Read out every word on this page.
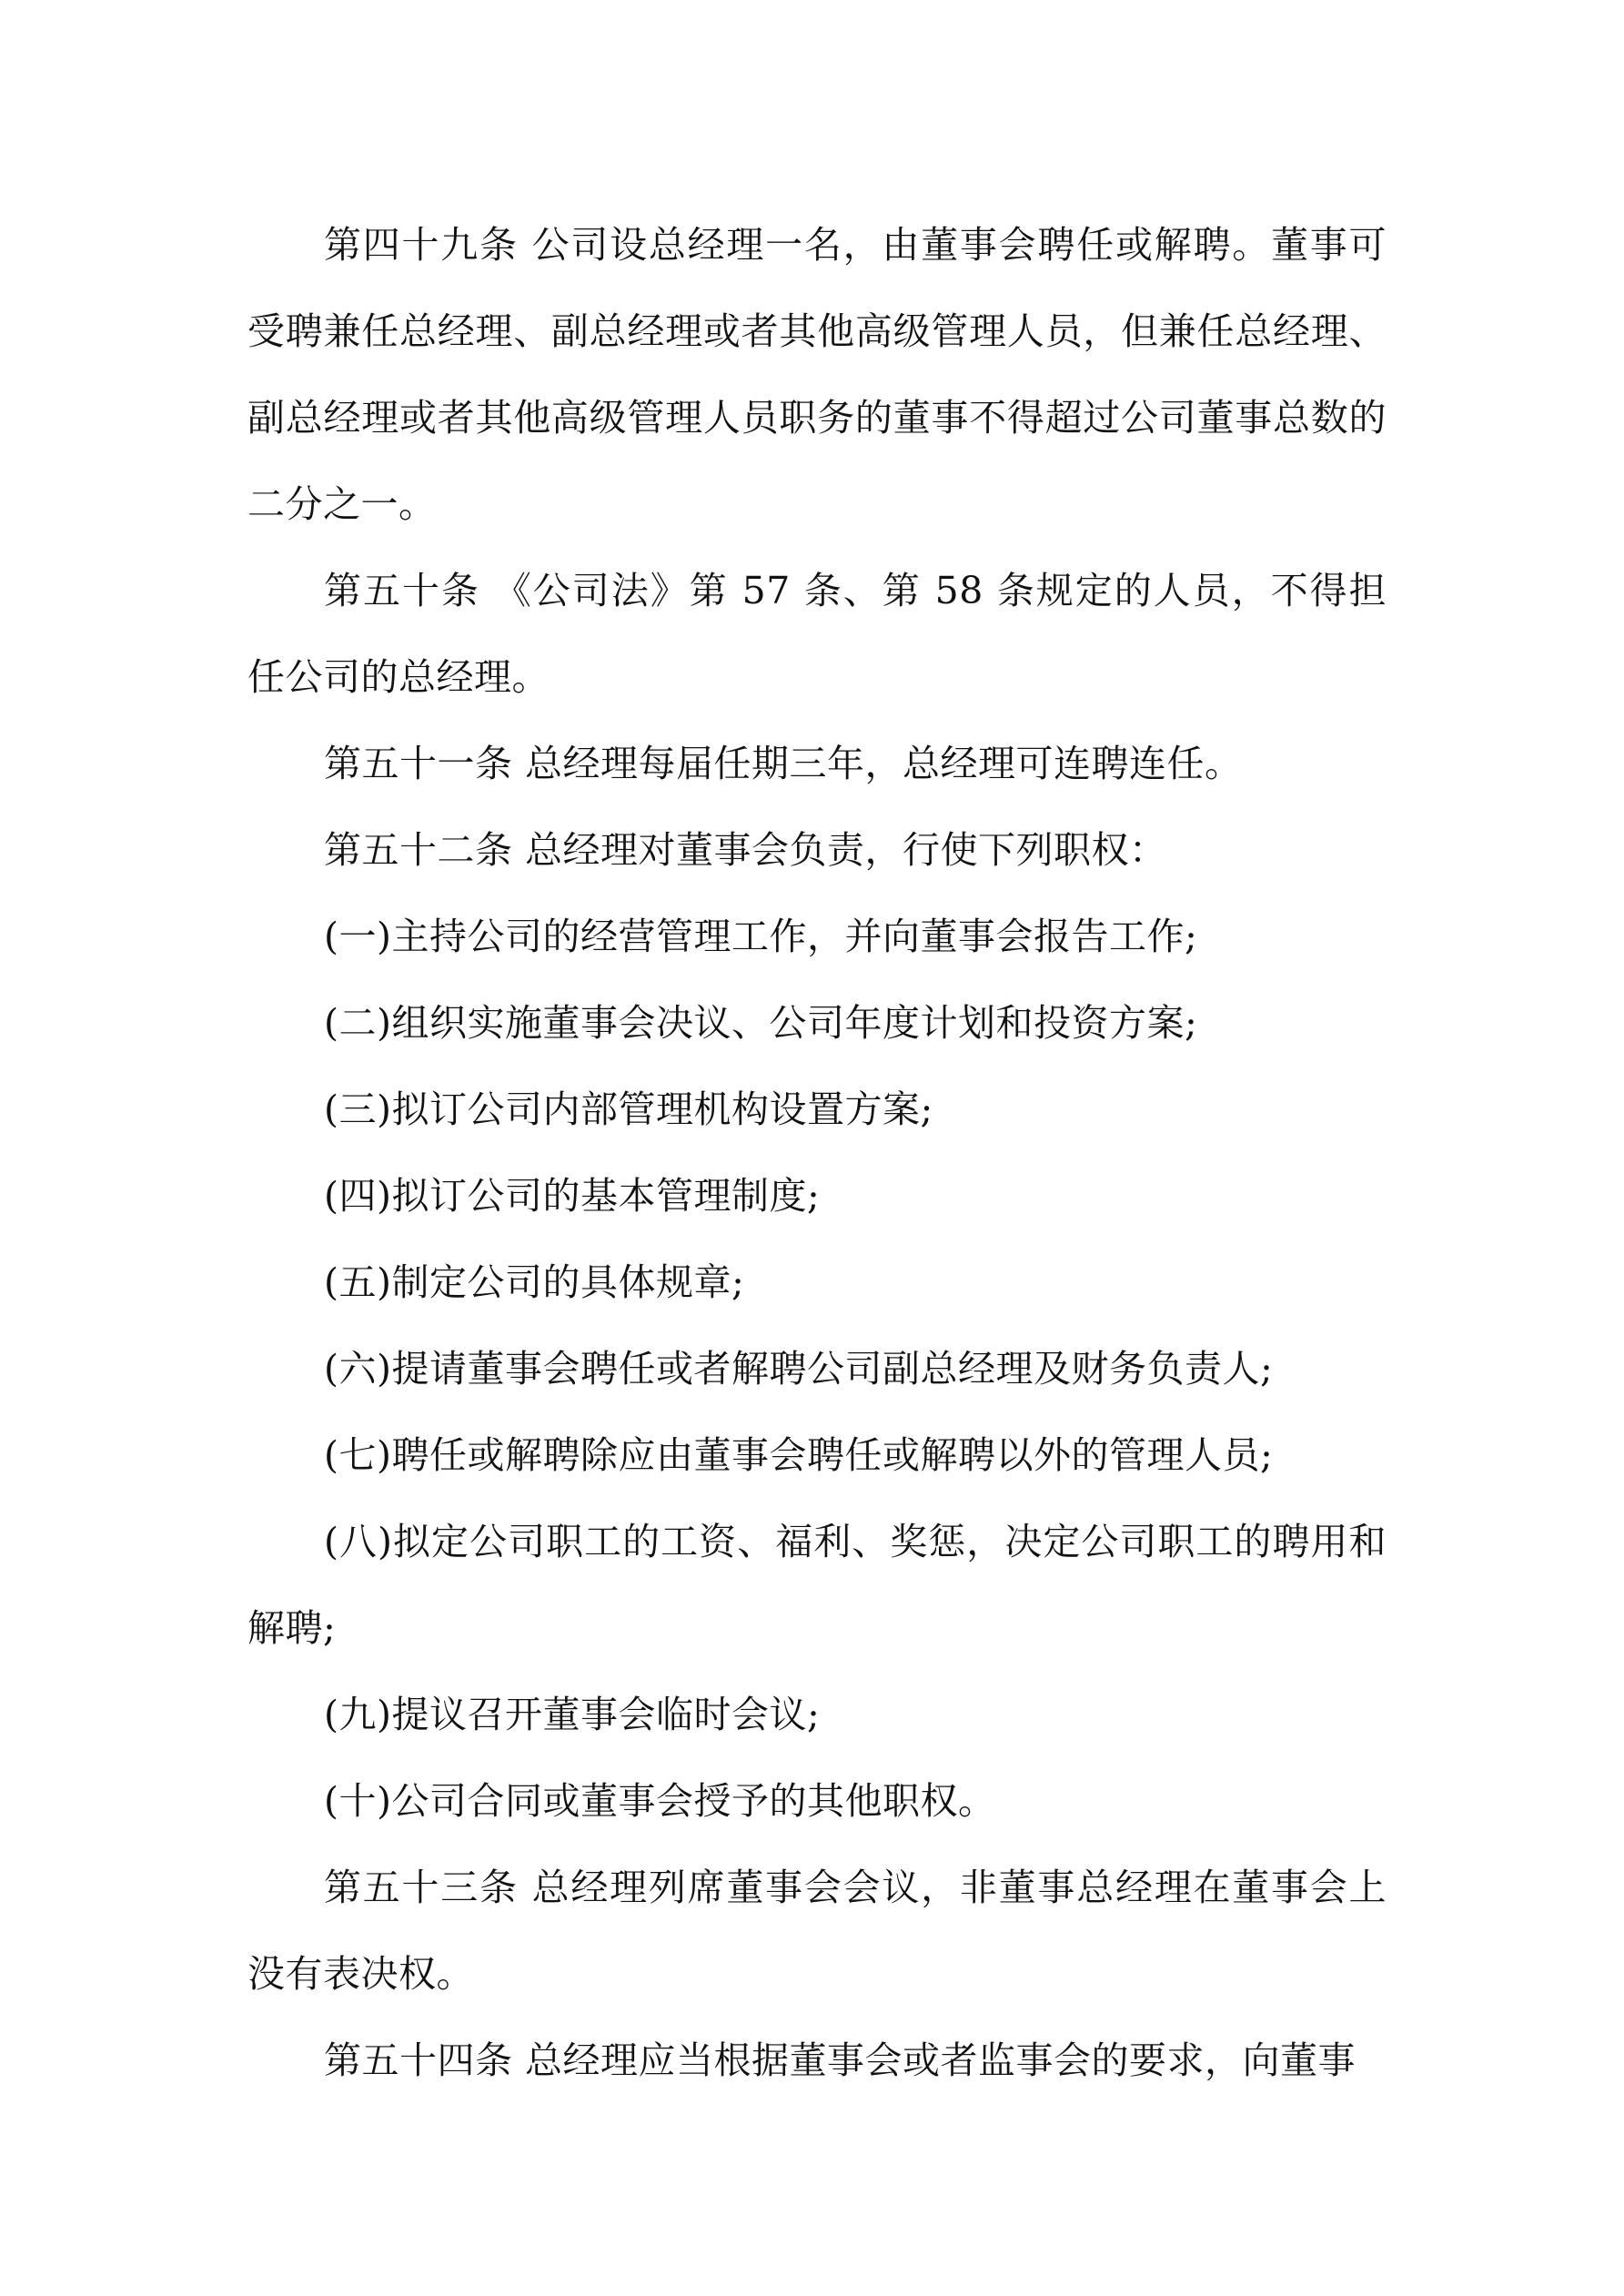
第四十九条 公司设总经理一名，由董事会聘任或解聘。董事可受聘兼任总经理、副总经理或者其他高级管理人员，但兼任总经理、副总经理或者其他高级管理人员职务的董事不得超过公司董事总数的二分之一。

第五十条 《公司法》第 57 条、第 58 条规定的人员，不得担任公司的总经理。

第五十一条 总经理每届任期三年，总经理可连聘连任。

第五十二条 总经理对董事会负责，行使下列职权：

(一)主持公司的经营管理工作，并向董事会报告工作;

(二)组织实施董事会决议、公司年度计划和投资方案;

(三)拟订公司内部管理机构设置方案;

(四)拟订公司的基本管理制度;

(五)制定公司的具体规章;

(六)提请董事会聘任或者解聘公司副总经理及财务负责人;

(七)聘任或解聘除应由董事会聘任或解聘以外的管理人员;

(八)拟定公司职工的工资、福利、奖惩，决定公司职工的聘用和解聘;

(九)提议召开董事会临时会议;

(十)公司合同或董事会授予的其他职权。

第五十三条 总经理列席董事会会议，非董事总经理在董事会上没有表决权。

第五十四条 总经理应当根据董事会或者监事会的要求，向董事
